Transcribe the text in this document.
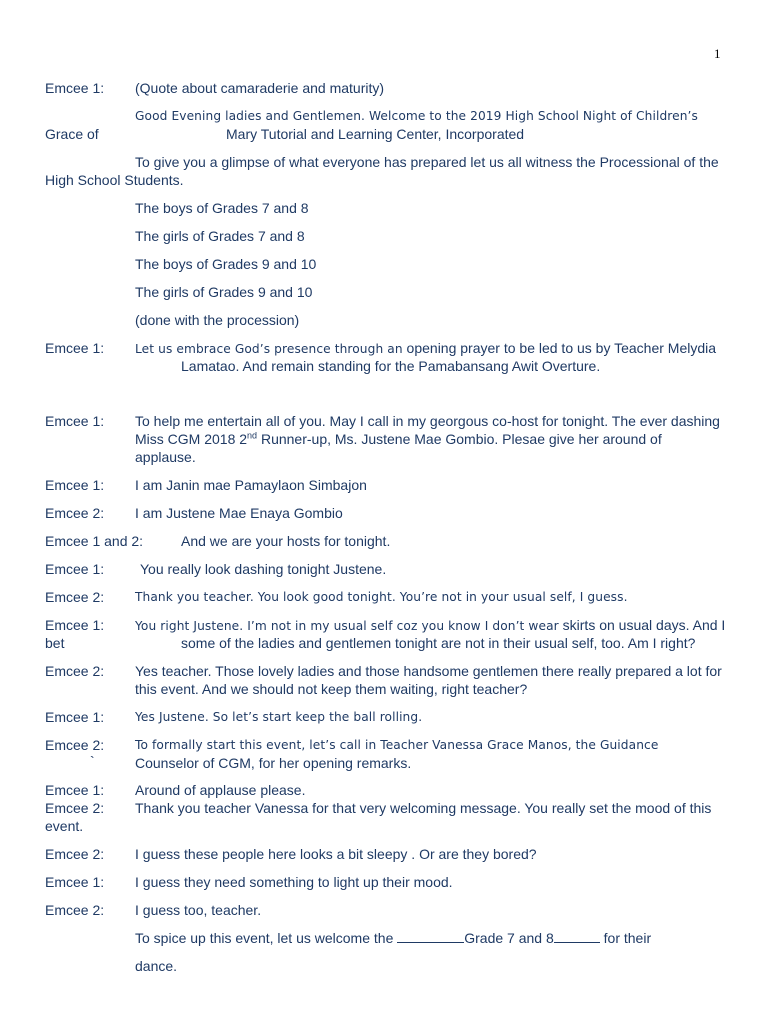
1
Emcee 1: (Quote about camaraderie and maturity)
Good Evening ladies and Gentlemen. Welcome to the 2019 High School Night of Children’s
Grace of	Mary Tutorial and Learning Center, Incorporated
To give you a glimpse of what everyone has prepared let us all witness the Processional of the
High School Students.
The boys of Grades 7 and 8
The girls of Grades 7 and 8
The boys of Grades 9 and 10
The girls of Grades 9 and 10
(done with the procession)
Emcee 1:	Let us embrace God’s presence through an opening prayer to be led to us by Teacher Melydia
Lamatao. And remain standing for the Pamabansang Awit Overture.
Emcee 1: To help me entertain all of you. May I call in my georgous co-host for tonight. The ever dashing
Miss CGM 2018 2nd Runner-up, Ms. Justene Mae Gombio. Plesae give her around of
applause.
Emcee 1: I am Janin mae Pamaylaon Simbajon
Emcee 2: I am Justene Mae Enaya Gombio
Emcee 1 and 2:	And we are your hosts for tonight.
Emcee 1:	You really look dashing tonight Justene.
Emcee 2:	Thank you teacher. You look good tonight. You’re not in your usual self, I guess.
Emcee 1:	You right Justene. I’m not in my usual self coz you know I don’t wear skirts on usual days. And I
bet	some of the ladies and gentlemen tonight are not in their usual self, too. Am I right?
Emcee 2: Yes teacher. Those lovely ladies and those handsome gentlemen there really prepared a lot for
this event. And we should not keep them waiting, right teacher?
Emcee 1:	Yes Justene. So let’s start keep the ball rolling.
Emcee 2:	To formally start this event, let’s call in Teacher Vanessa Grace Manos, the Guidance
`	Counselor of CGM, for her opening remarks.
Emcee 1: Around of applause please.
Emcee 2: Thank you teacher Vanessa for that very welcoming message. You really set the mood of this
event.
Emcee 2: I guess these people here looks a bit sleepy . Or are they bored?
Emcee 1: I guess they need something to light up their mood.
Emcee 2: I guess too, teacher.
To spice up this event, let us welcome the	Grade 7 and 8	for their
dance.
